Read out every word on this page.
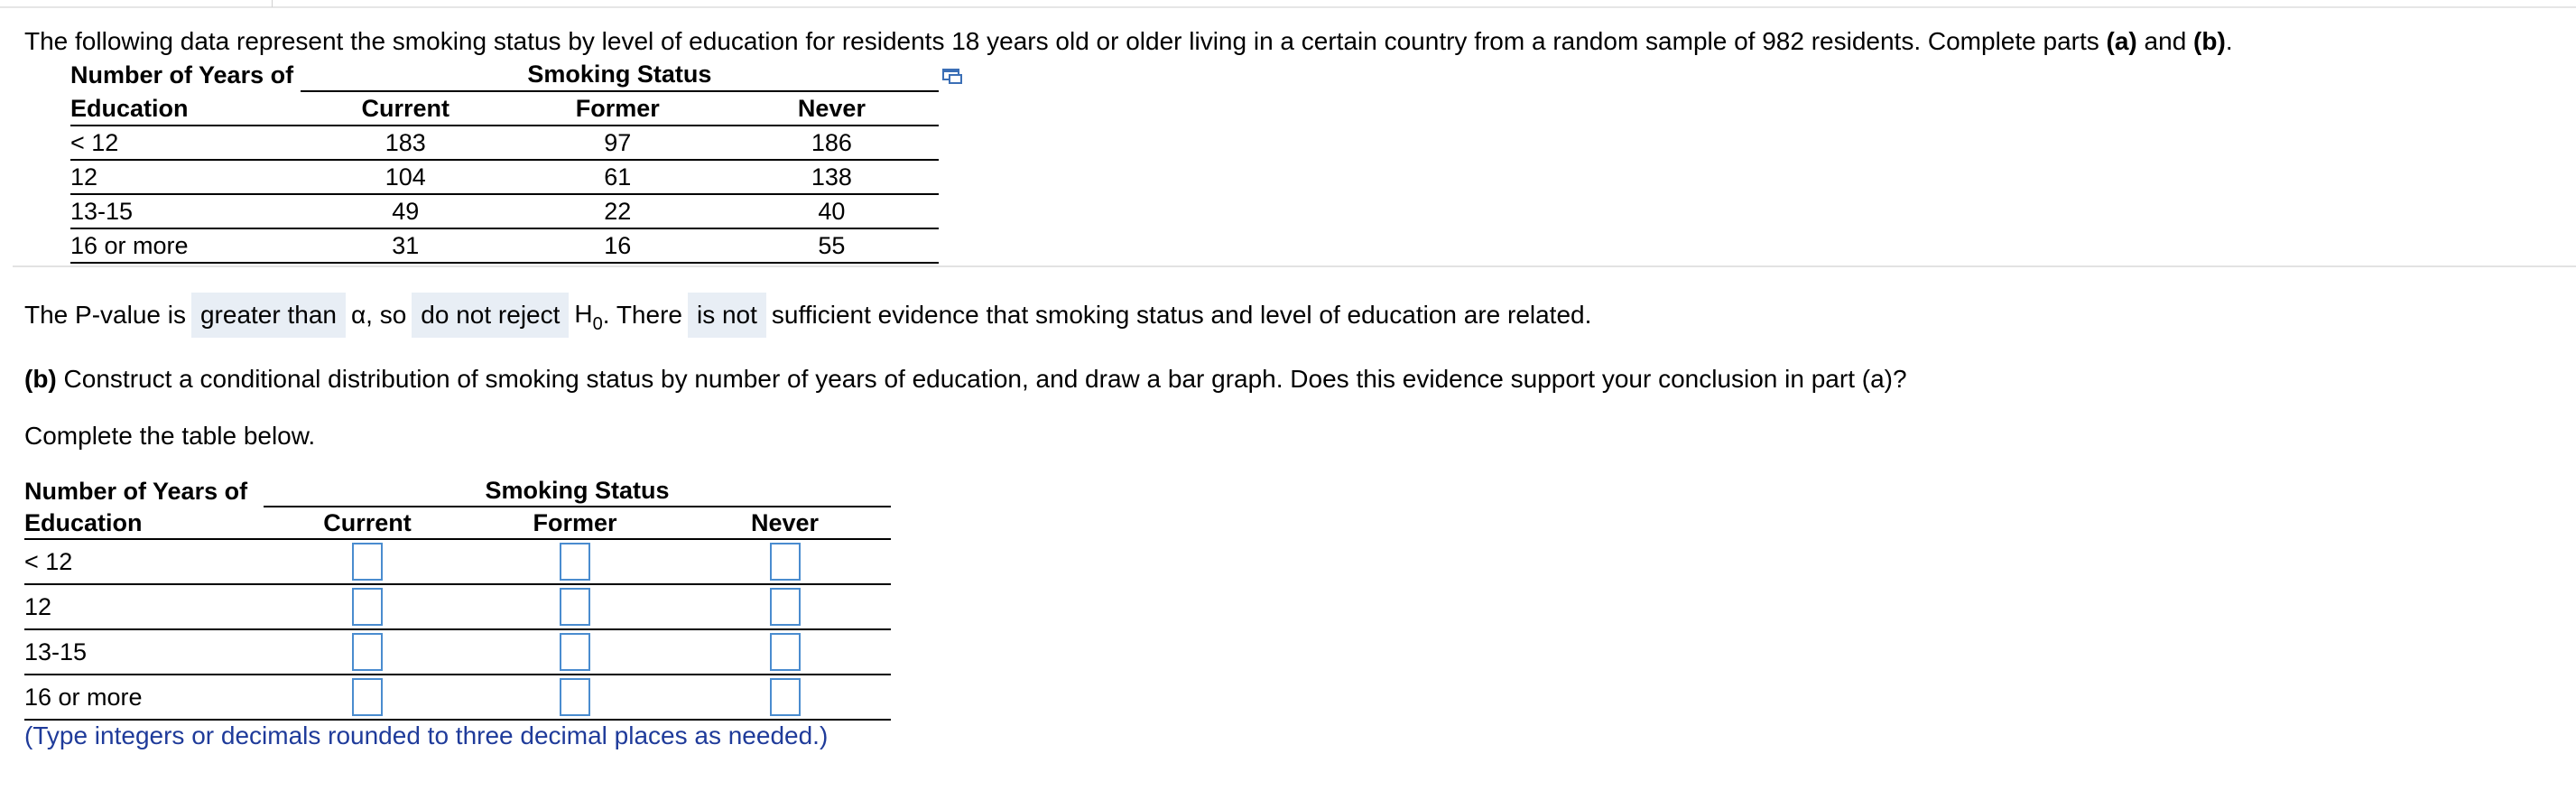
The following data represent the smoking status by level of education for residents 18 years old or older living in a certain country from a random sample of 982 residents. Complete parts (a) and (b).
Number of Years of	Smoking Status		
Education	Current	Former	Never
< 12	183	97	186
12	104	61	138
13-15	49	22	40
16 or more	31	16	55
The P-value is greater than α, so do not reject $H_0$ . There is not sufficient evidence that smoking status and level of education are related.
(b) Construct a conditional distribution of smoking status by number of years of education, and draw a bar graph. Does this evidence support your conclusion in part (a)?
Complete the table below.
Number of Years of	Smoking Status		
Education	Current	Former	Never
< 12			
12			
13-15			
16 or more			
(Type integers or decimals rounded to three decimal places as needed.)
